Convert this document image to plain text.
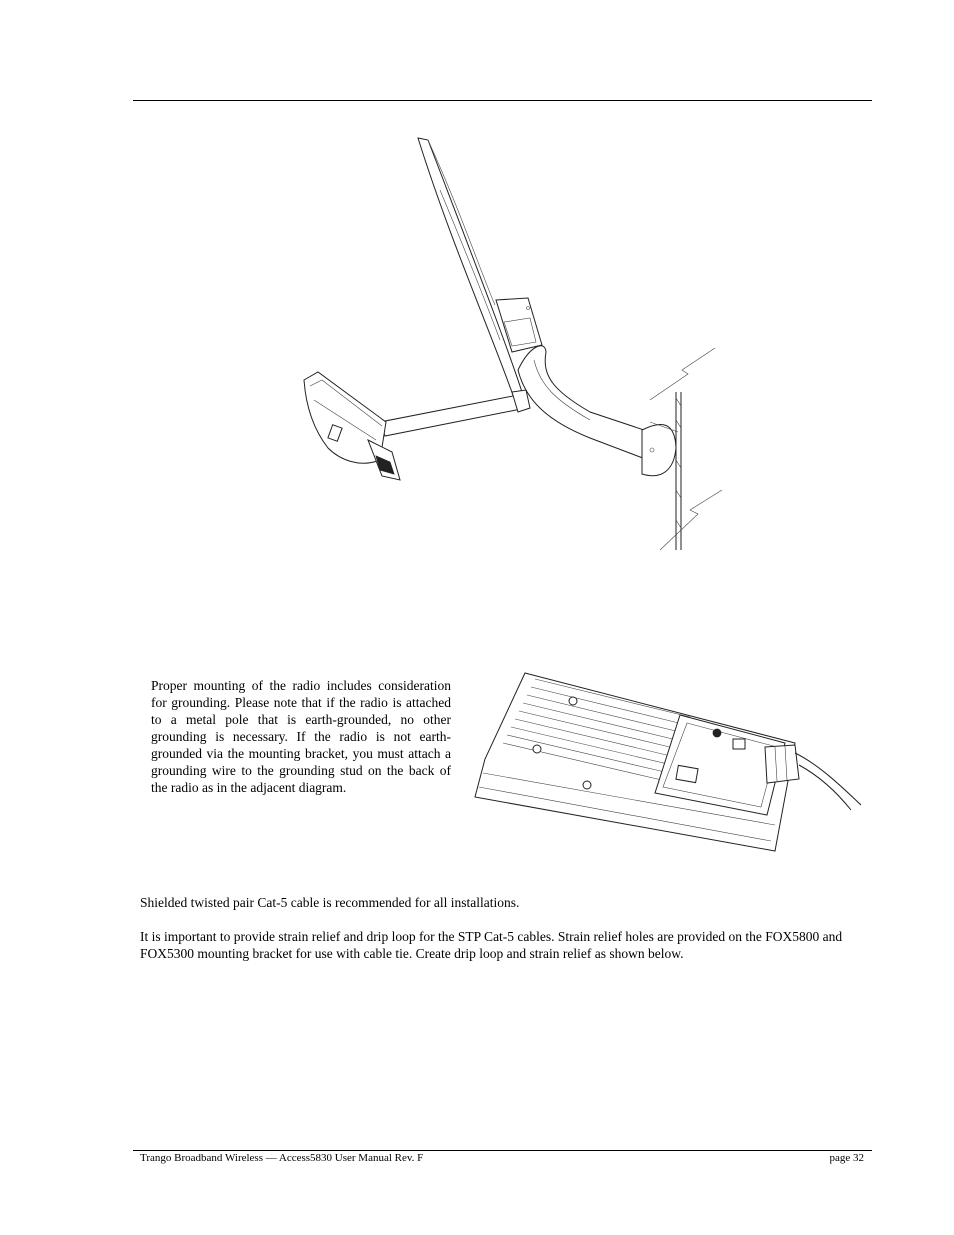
Proper mounting of the radio includes consideration for grounding. Please note that if the radio is attached to a metal pole that is earth-grounded, no other grounding is necessary. If the radio is not earth-grounded via the mounting bracket, you must attach a grounding wire to the grounding stud on the back of the radio as in the adjacent diagram.
Shielded twisted pair Cat-5 cable is recommended for all installations.
It is important to provide strain relief and drip loop for the STP Cat-5 cables. Strain relief holes are provided on the FOX5800 and FOX5300 mounting bracket for use with cable tie. Create drip loop and strain relief as shown below.
Trango Broadband Wireless — Access5830 User Manual Rev. F	page 32
